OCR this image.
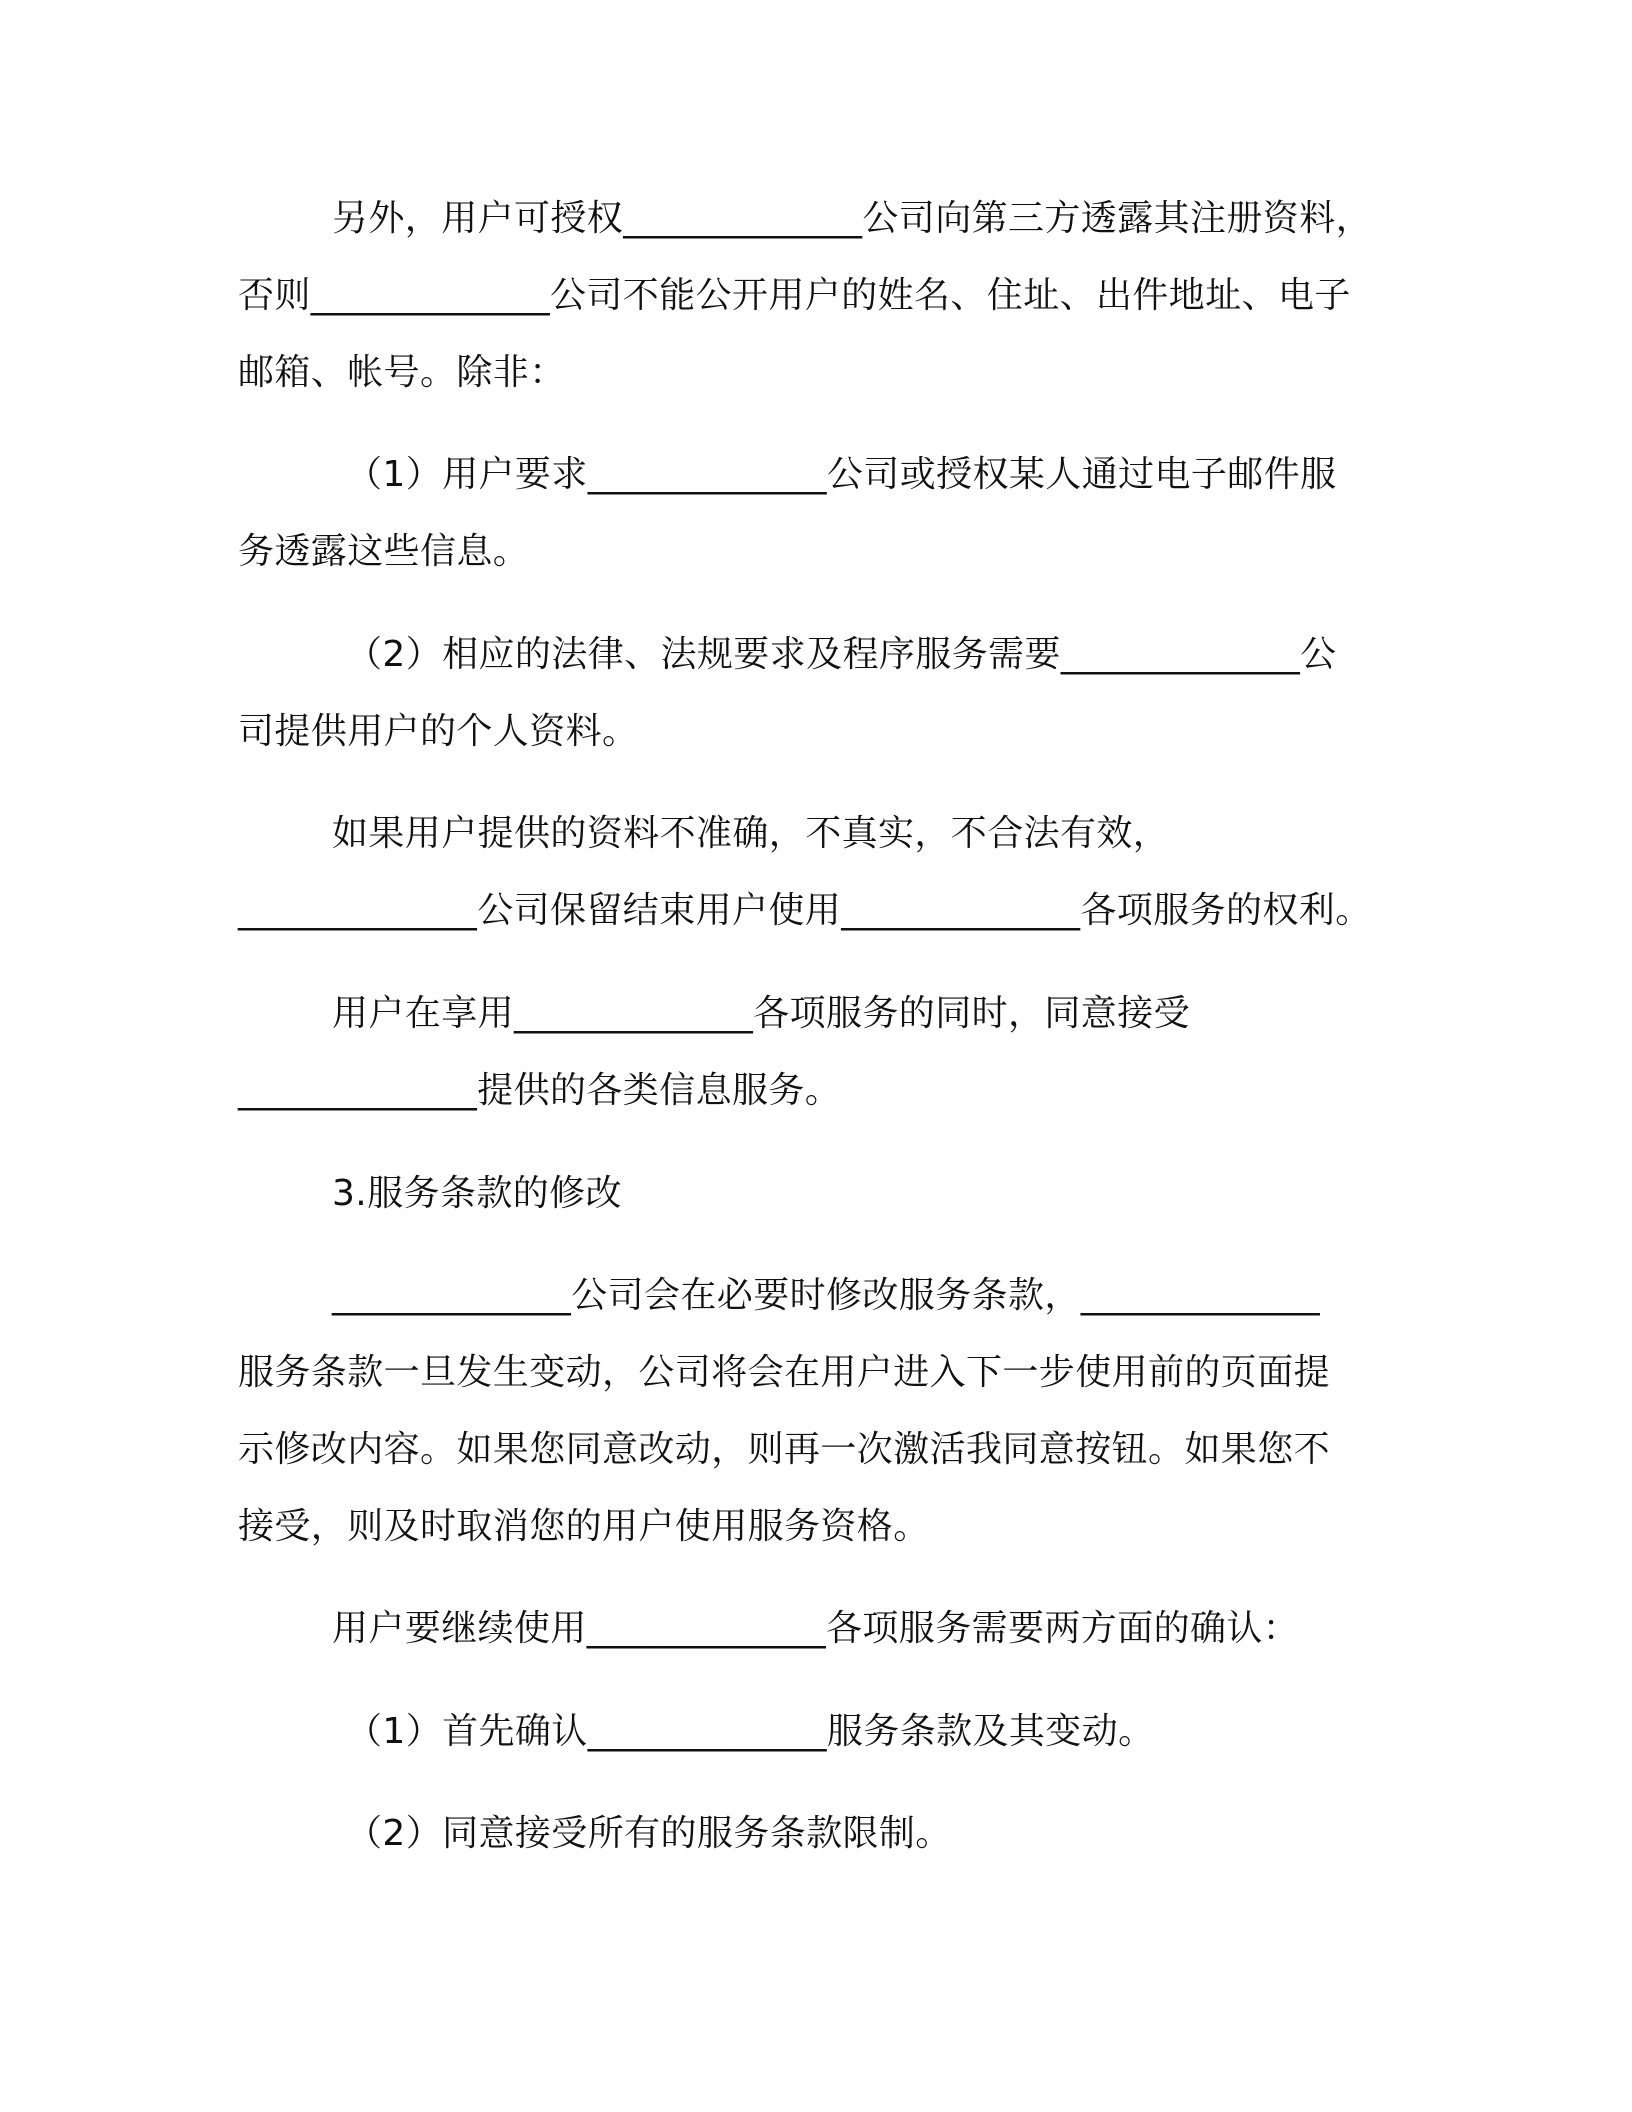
另外，用户可授权_____________公司向第三方透露其注册资料，
否则_____________公司不能公开用户的姓名、住址、出件地址、电子
邮箱、帐号。除非：
（1）用户要求_____________公司或授权某人通过电子邮件服
务透露这些信息。
（2）相应的法律、法规要求及程序服务需要_____________公
司提供用户的个人资料。
如果用户提供的资料不准确，不真实，不合法有效，
_____________公司保留结束用户使用_____________各项服务的权利。
用户在享用_____________各项服务的同时，同意接受
_____________提供的各类信息服务。
3.服务条款的修改
_____________公司会在必要时修改服务条款，_____________
服务条款一旦发生变动，公司将会在用户进入下一步使用前的页面提
示修改内容。如果您同意改动，则再一次激活我同意按钮。如果您不
接受，则及时取消您的用户使用服务资格。
用户要继续使用_____________各项服务需要两方面的确认：
（1）首先确认_____________服务条款及其变动。
（2）同意接受所有的服务条款限制。
